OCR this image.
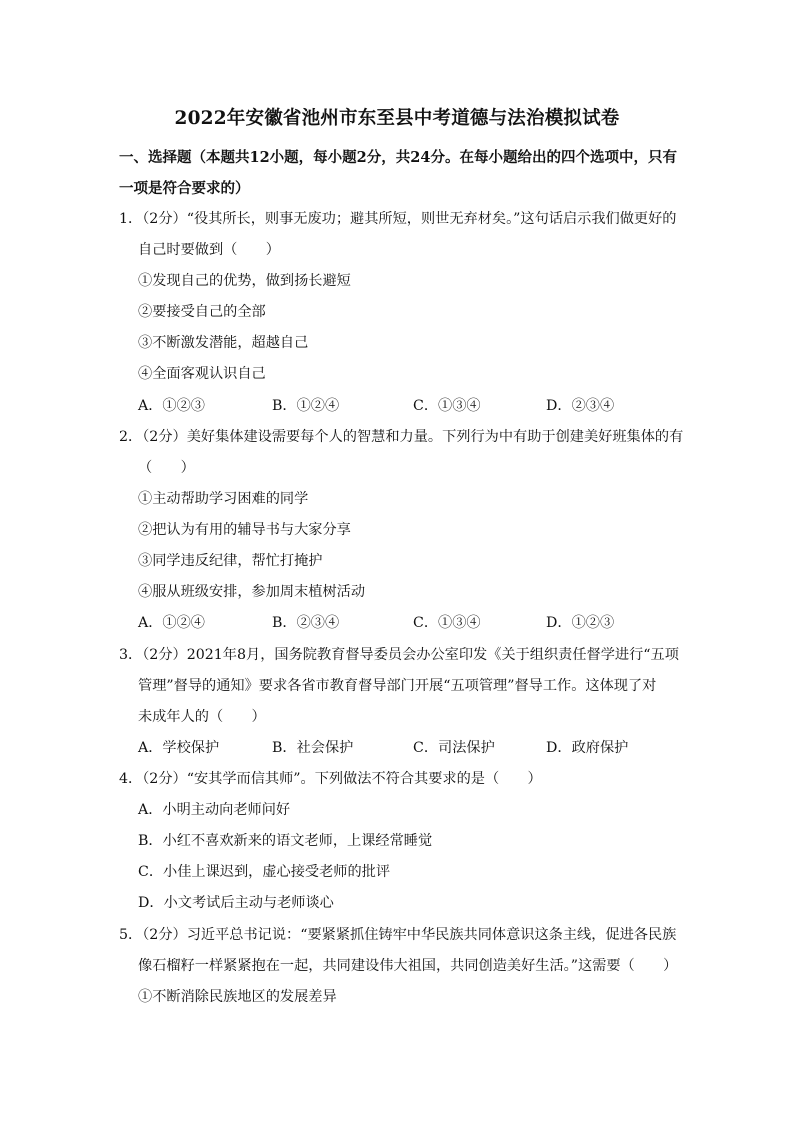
2022年安徽省池州市东至县中考道德与法治模拟试卷
一、选择题（本题共12小题，每小题2分，共24分。在每小题给出的四个选项中，只有
一项是符合要求的）
1．（2分）“役其所长，则事无废功；避其所短，则世无弃材矣。”这句话启示我们做更好的
自己时要做到（　　）
①发现自己的优势，做到扬长避短
②要接受自己的全部
③不断激发潜能，超越自己
④全面客观认识自己
A．①②③	B．①②④	C．①③④	D．②③④
2．（2分）美好集体建设需要每个人的智慧和力量。下列行为中有助于创建美好班集体的有
（　　）
①主动帮助学习困难的同学
②把认为有用的辅导书与大家分享
③同学违反纪律，帮忙打掩护
④服从班级安排，参加周末植树活动
A．①②④	B．②③④	C．①③④	D．①②③
3．（2分）2021年8月，国务院教育督导委员会办公室印发《关于组织责任督学进行“五项
管理”督导的通知》要求各省市教育督导部门开展“五项管理”督导工作。这体现了对
未成年人的（　　）
A．学校保护	B．社会保护	C．司法保护	D．政府保护
4．（2分）“安其学而信其师”。下列做法不符合其要求的是（　　）
A．小明主动向老师问好
B．小红不喜欢新来的语文老师，上课经常睡觉
C．小佳上课迟到，虚心接受老师的批评
D．小文考试后主动与老师谈心
5．（2分）习近平总书记说：“要紧紧抓住铸牢中华民族共同体意识这条主线，促进各民族
像石榴籽一样紧紧抱在一起，共同建设伟大祖国，共同创造美好生活。”这需要（　　）
①不断消除民族地区的发展差异
